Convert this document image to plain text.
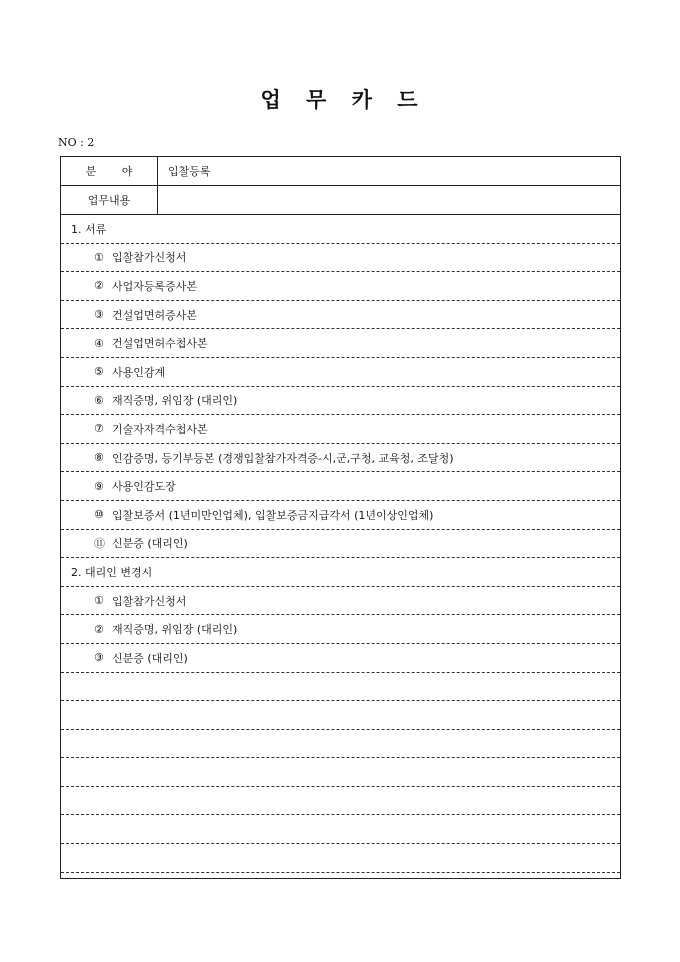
업 무 카 드
NO : 2
분 야	입찰등록
업무내용
1. 서류
① 입찰참가신청서
② 사업자등록증사본
③ 건설업면허증사본
④ 건설업면허수첩사본
⑤ 사용인감계
⑥ 재직증명, 위임장 (대리인)
⑦ 기술자자격수첩사본
⑧ 인감증명, 등기부등본 (경쟁입찰참가자격증-시,군,구청, 교육청, 조달청)
⑨ 사용인감도장
⑩ 입찰보증서 (1년미만인업체), 입찰보증금지급각서 (1년이상인업체)
⑪ 신분증 (대리인)
2. 대리인 변경시
① 입찰참가신청서
② 재직증명, 위임장 (대리인)
③ 신분증 (대리인)
